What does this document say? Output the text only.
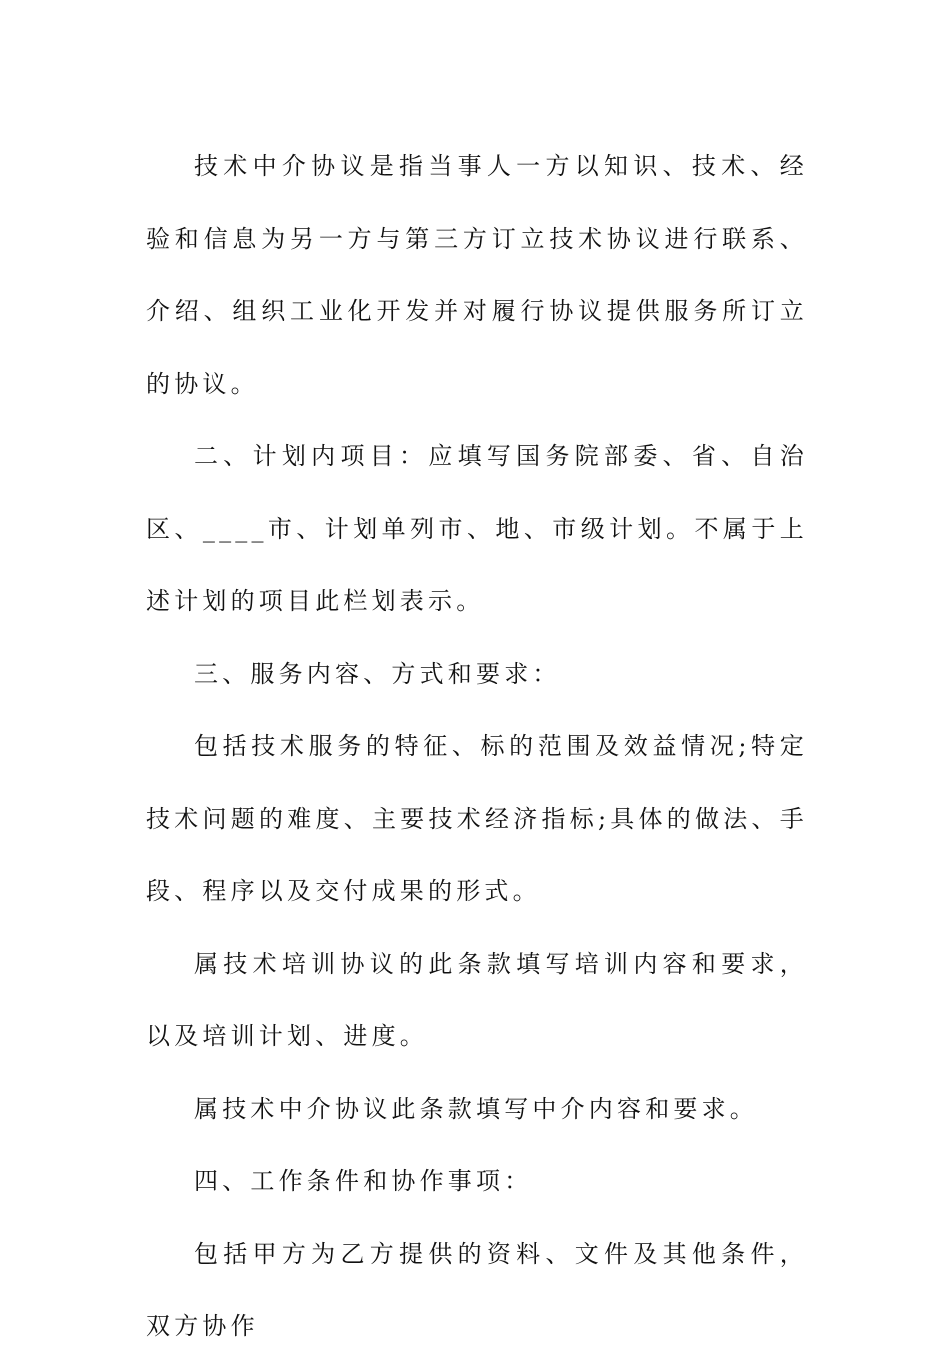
技术中介协议是指当事人一方以知识、技术、经验和信息为另一方与第三方订立技术协议进行联系、介绍、组织工业化开发并对履行协议提供服务所订立的协议。

二、计划内项目：应填写国务院部委、省、自治区、____市、计划单列市、地、市级计划。不属于上述计划的项目此栏划表示。

三、服务内容、方式和要求：

包括技术服务的特征、标的范围及效益情况;特定技术问题的难度、主要技术经济指标;具体的做法、手段、程序以及交付成果的形式。

属技术培训协议的此条款填写培训内容和要求，以及培训计划、进度。

属技术中介协议此条款填写中介内容和要求。

四、工作条件和协作事项：

包括甲方为乙方提供的资料、文件及其他条件，双方协作
